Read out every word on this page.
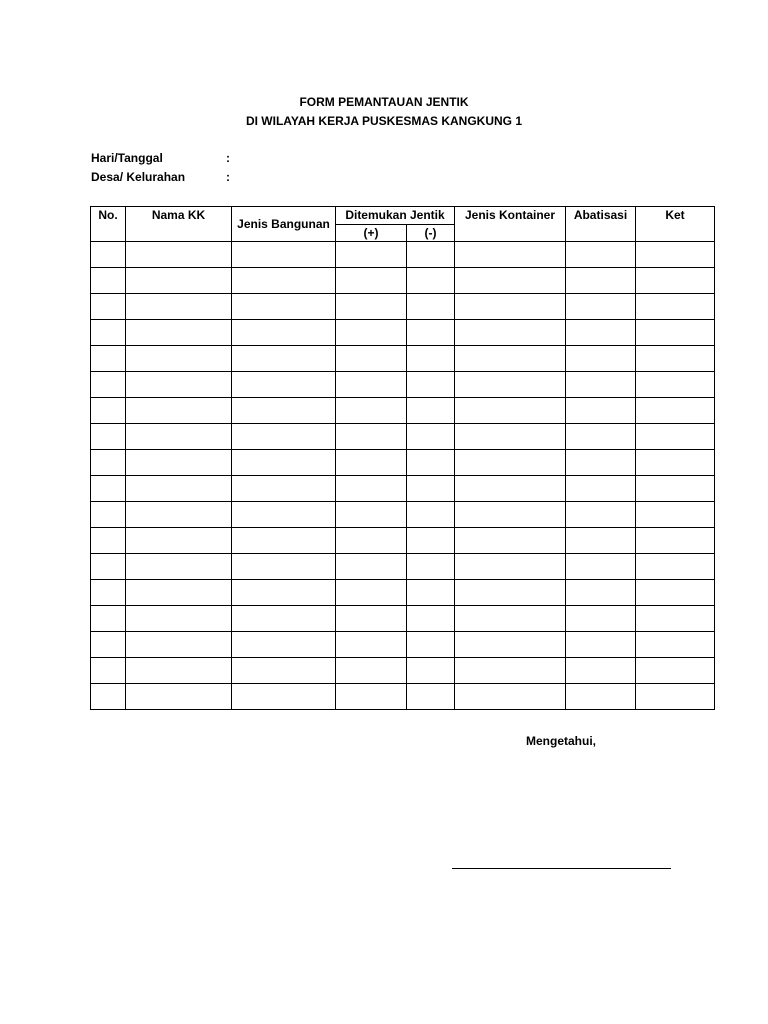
FORM PEMANTAUAN JENTIK
DI WILAYAH KERJA PUSKESMAS KANGKUNG 1
Hari/Tanggal	:
Desa/ Kelurahan	:
No.	Nama KK	Jenis Bangunan	Ditemukan Jentik		Jenis Kontainer	Abatisasi	Ket
			(+)	(-)			

Mengetahui,
